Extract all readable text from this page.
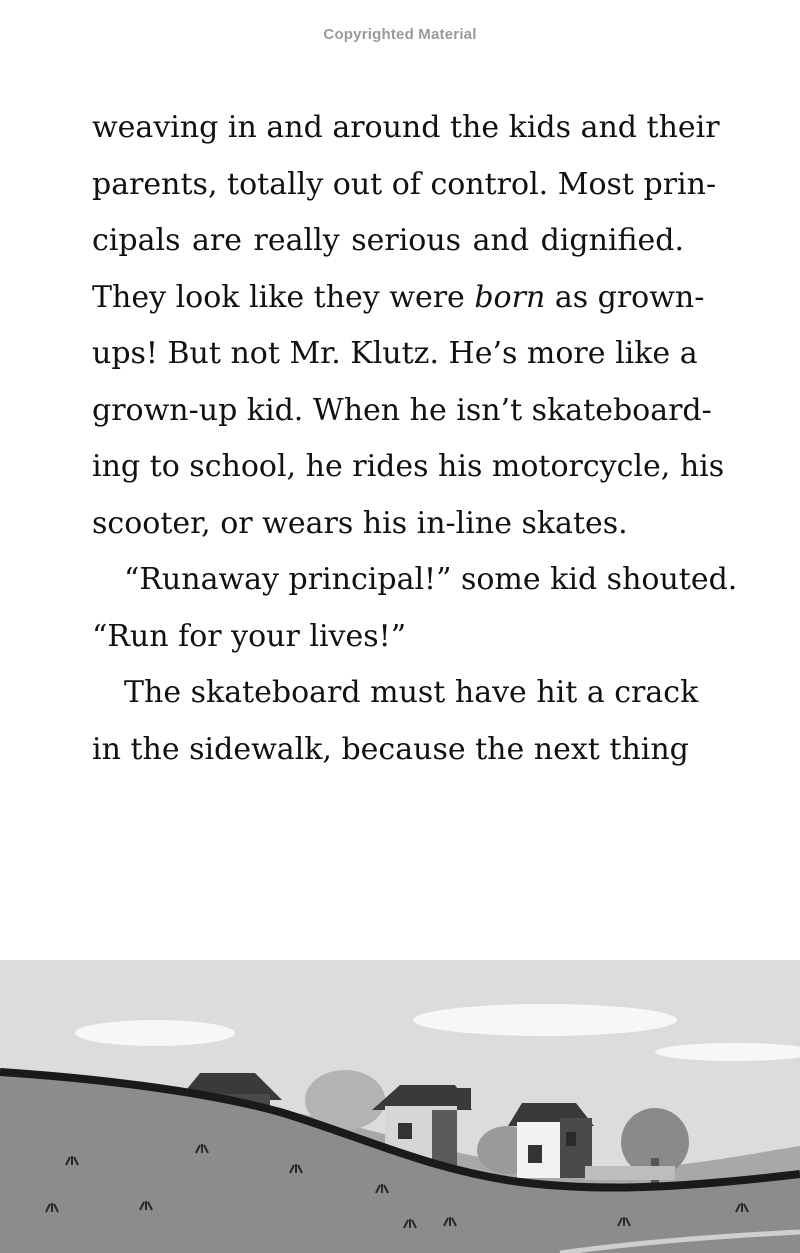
Copyrighted Material
weaving in and around the kids and their
parents, totally out of control. Most prin-
cipals are really serious and dignified.
They look like they were born as grown-
ups! But not Mr. Klutz. He’s more like a
grown-up kid. When he isn’t skateboard-
ing to school, he rides his motorcycle, his
scooter, or wears his in-line skates.
“Runaway principal!” some kid shouted.
“Run for your lives!”
The skateboard must have hit a crack
in the sidewalk, because the next thing
